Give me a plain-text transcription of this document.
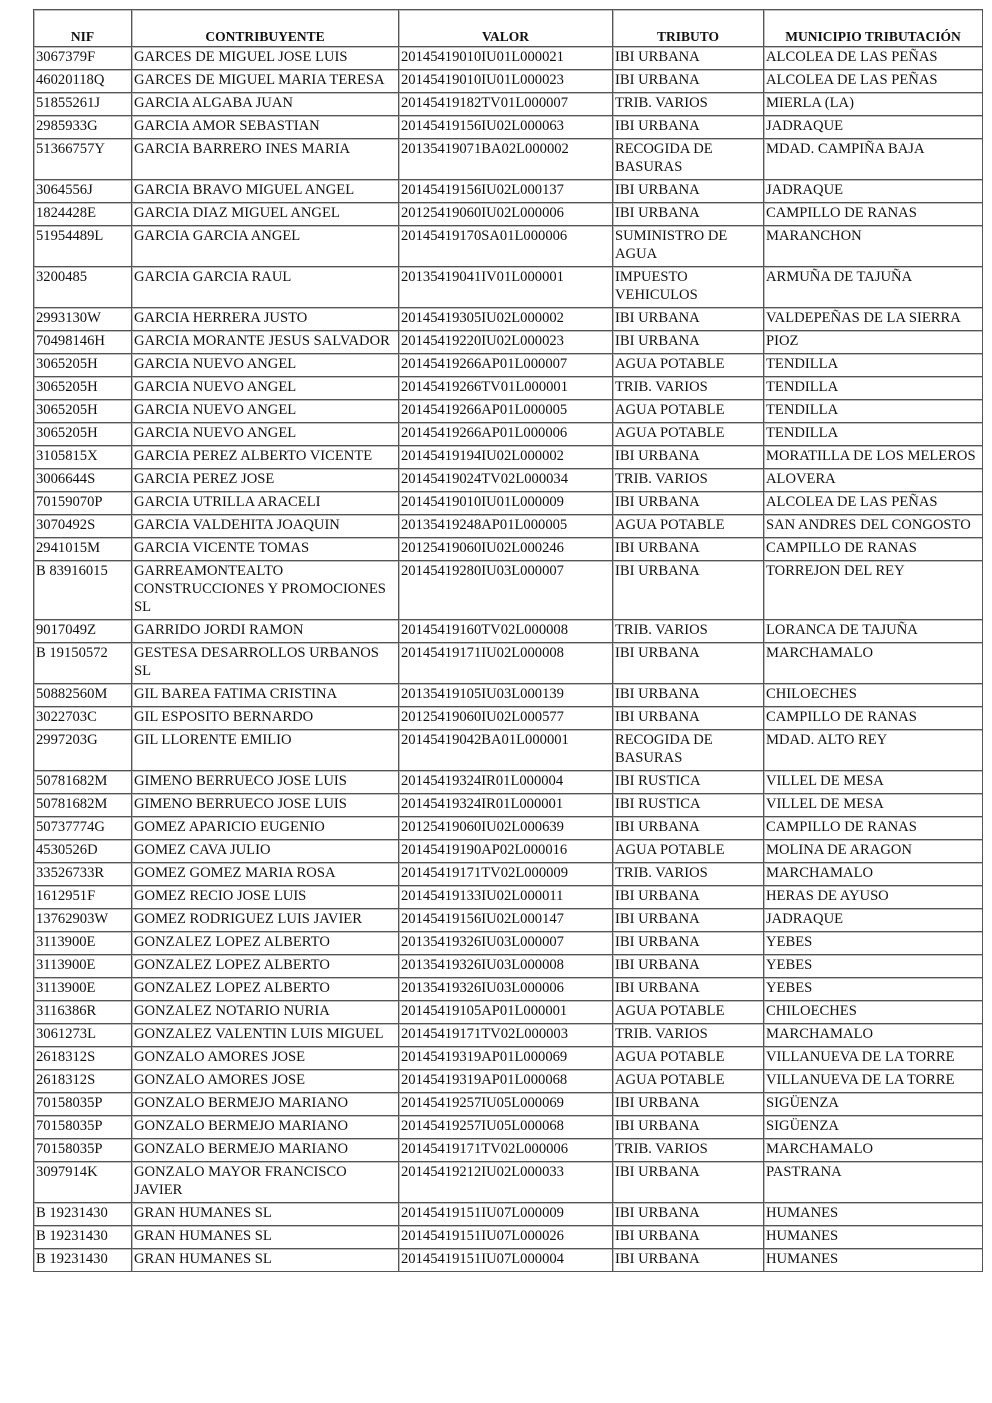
NIF	CONTRIBUYENTE	VALOR	TRIBUTO	MUNICIPIO TRIBUTACIÓN
3067379F	GARCES DE MIGUEL JOSE LUIS	20145419010IU01L000021	IBI URBANA	ALCOLEA DE LAS PEÑAS
46020118Q	GARCES DE MIGUEL MARIA TERESA	20145419010IU01L000023	IBI URBANA	ALCOLEA DE LAS PEÑAS
51855261J	GARCIA ALGABA JUAN	20145419182TV01L000007	TRIB. VARIOS	MIERLA (LA)
2985933G	GARCIA AMOR SEBASTIAN	20145419156IU02L000063	IBI URBANA	JADRAQUE
51366757Y	GARCIA BARRERO INES MARIA	20135419071BA02L000002	RECOGIDA DE BASURAS	MDAD. CAMPIÑA BAJA
3064556J	GARCIA BRAVO MIGUEL ANGEL	20145419156IU02L000137	IBI URBANA	JADRAQUE
1824428E	GARCIA DIAZ MIGUEL ANGEL	20125419060IU02L000006	IBI URBANA	CAMPILLO DE RANAS
51954489L	GARCIA GARCIA ANGEL	20145419170SA01L000006	SUMINISTRO DE AGUA	MARANCHON
3200485	GARCIA GARCIA RAUL	20135419041IV01L000001	IMPUESTO VEHICULOS	ARMUÑA DE TAJUÑA
2993130W	GARCIA HERRERA JUSTO	20145419305IU02L000002	IBI URBANA	VALDEPEÑAS DE LA SIERRA
70498146H	GARCIA MORANTE JESUS SALVADOR	20145419220IU02L000023	IBI URBANA	PIOZ
3065205H	GARCIA NUEVO ANGEL	20145419266AP01L000007	AGUA POTABLE	TENDILLA
3065205H	GARCIA NUEVO ANGEL	20145419266TV01L000001	TRIB. VARIOS	TENDILLA
3065205H	GARCIA NUEVO ANGEL	20145419266AP01L000005	AGUA POTABLE	TENDILLA
3065205H	GARCIA NUEVO ANGEL	20145419266AP01L000006	AGUA POTABLE	TENDILLA
3105815X	GARCIA PEREZ ALBERTO VICENTE	20145419194IU02L000002	IBI URBANA	MORATILLA DE LOS MELEROS
3006644S	GARCIA PEREZ JOSE	20145419024TV02L000034	TRIB. VARIOS	ALOVERA
70159070P	GARCIA UTRILLA ARACELI	20145419010IU01L000009	IBI URBANA	ALCOLEA DE LAS PEÑAS
3070492S	GARCIA VALDEHITA JOAQUIN	20135419248AP01L000005	AGUA POTABLE	SAN ANDRES DEL CONGOSTO
2941015M	GARCIA VICENTE TOMAS	20125419060IU02L000246	IBI URBANA	CAMPILLO DE RANAS
B 83916015	GARREAMONTEALTO CONSTRUCCIONES Y PROMOCIONES SL	20145419280IU03L000007	IBI URBANA	TORREJON DEL REY
9017049Z	GARRIDO JORDI RAMON	20145419160TV02L000008	TRIB. VARIOS	LORANCA DE TAJUÑA
B 19150572	GESTESA DESARROLLOS URBANOS SL	20145419171IU02L000008	IBI URBANA	MARCHAMALO
50882560M	GIL BAREA FATIMA CRISTINA	20135419105IU03L000139	IBI URBANA	CHILOECHES
3022703C	GIL ESPOSITO BERNARDO	20125419060IU02L000577	IBI URBANA	CAMPILLO DE RANAS
2997203G	GIL LLORENTE EMILIO	20145419042BA01L000001	RECOGIDA DE BASURAS	MDAD. ALTO REY
50781682M	GIMENO BERRUECO JOSE LUIS	20145419324IR01L000004	IBI RUSTICA	VILLEL DE MESA
50781682M	GIMENO BERRUECO JOSE LUIS	20145419324IR01L000001	IBI RUSTICA	VILLEL DE MESA
50737774G	GOMEZ APARICIO EUGENIO	20125419060IU02L000639	IBI URBANA	CAMPILLO DE RANAS
4530526D	GOMEZ CAVA JULIO	20145419190AP02L000016	AGUA POTABLE	MOLINA DE ARAGON
33526733R	GOMEZ GOMEZ MARIA ROSA	20145419171TV02L000009	TRIB. VARIOS	MARCHAMALO
1612951F	GOMEZ RECIO JOSE LUIS	20145419133IU02L000011	IBI URBANA	HERAS DE AYUSO
13762903W	GOMEZ RODRIGUEZ LUIS JAVIER	20145419156IU02L000147	IBI URBANA	JADRAQUE
3113900E	GONZALEZ LOPEZ ALBERTO	20135419326IU03L000007	IBI URBANA	YEBES
3113900E	GONZALEZ LOPEZ ALBERTO	20135419326IU03L000008	IBI URBANA	YEBES
3113900E	GONZALEZ LOPEZ ALBERTO	20135419326IU03L000006	IBI URBANA	YEBES
3116386R	GONZALEZ NOTARIO NURIA	20145419105AP01L000001	AGUA POTABLE	CHILOECHES
3061273L	GONZALEZ VALENTIN LUIS MIGUEL	20145419171TV02L000003	TRIB. VARIOS	MARCHAMALO
2618312S	GONZALO AMORES JOSE	20145419319AP01L000069	AGUA POTABLE	VILLANUEVA DE LA TORRE
2618312S	GONZALO AMORES JOSE	20145419319AP01L000068	AGUA POTABLE	VILLANUEVA DE LA TORRE
70158035P	GONZALO BERMEJO MARIANO	20145419257IU05L000069	IBI URBANA	SIGÜENZA
70158035P	GONZALO BERMEJO MARIANO	20145419257IU05L000068	IBI URBANA	SIGÜENZA
70158035P	GONZALO BERMEJO MARIANO	20145419171TV02L000006	TRIB. VARIOS	MARCHAMALO
3097914K	GONZALO MAYOR FRANCISCO JAVIER	20145419212IU02L000033	IBI URBANA	PASTRANA
B 19231430	GRAN HUMANES SL	20145419151IU07L000009	IBI URBANA	HUMANES
B 19231430	GRAN HUMANES SL	20145419151IU07L000026	IBI URBANA	HUMANES
B 19231430	GRAN HUMANES SL	20145419151IU07L000004	IBI URBANA	HUMANES
